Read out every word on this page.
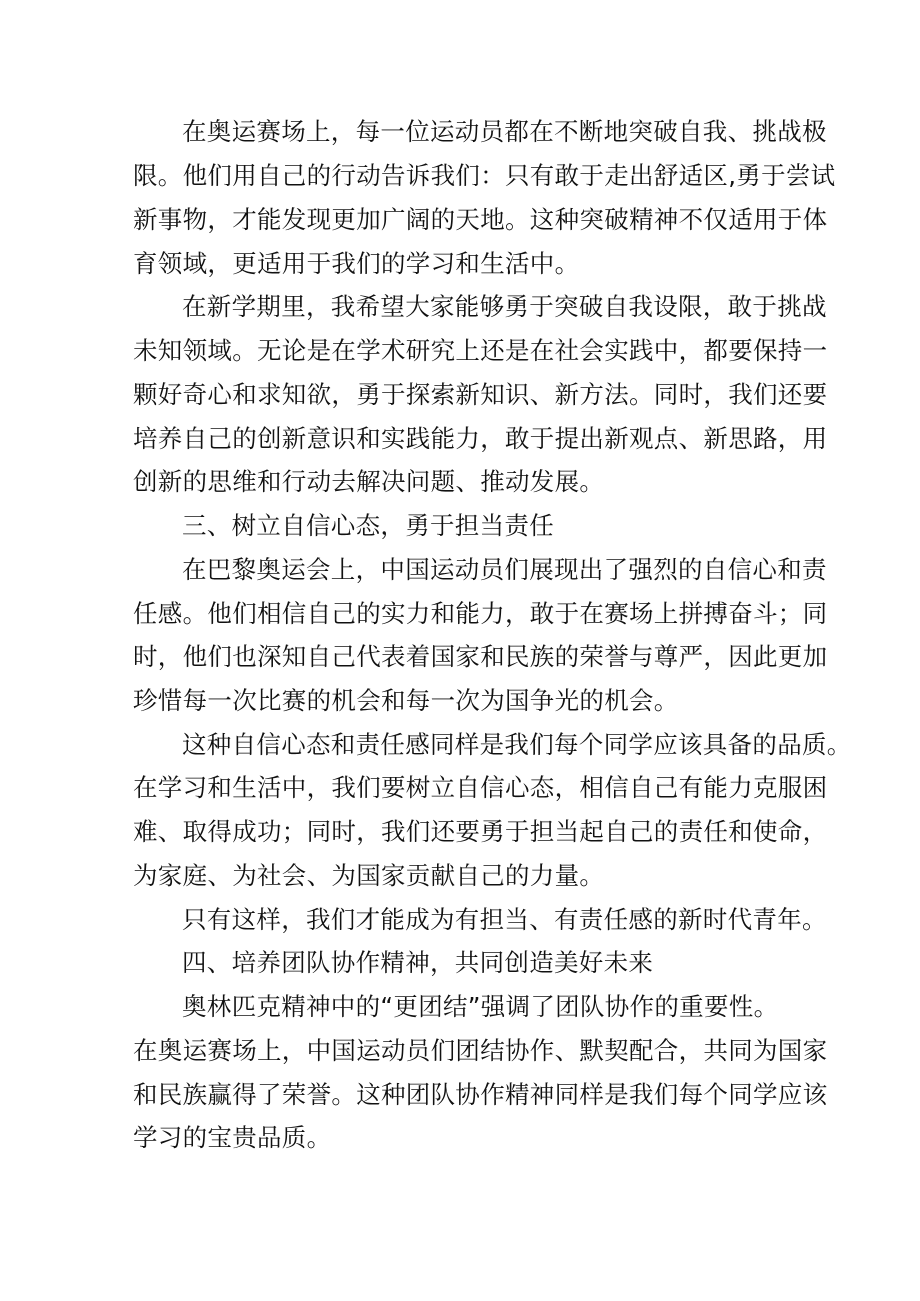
在奥运赛场上，每一位运动员都在不断地突破自我、挑战极

限。他们用自己的行动告诉我们：只有敢于走出舒适区,勇于尝试

新事物，才能发现更加广阔的天地。这种突破精神不仅适用于体

育领域，更适用于我们的学习和生活中。

在新学期里，我希望大家能够勇于突破自我设限，敢于挑战

未知领域。无论是在学术研究上还是在社会实践中，都要保持一

颗好奇心和求知欲，勇于探索新知识、新方法。同时，我们还要

培养自己的创新意识和实践能力，敢于提出新观点、新思路，用

创新的思维和行动去解决问题、推动发展。

三、树立自信心态，勇于担当责任

在巴黎奥运会上，中国运动员们展现出了强烈的自信心和责

任感。他们相信自己的实力和能力，敢于在赛场上拼搏奋斗；同

时，他们也深知自己代表着国家和民族的荣誉与尊严，因此更加

珍惜每一次比赛的机会和每一次为国争光的机会。

这种自信心态和责任感同样是我们每个同学应该具备的品质。

在学习和生活中，我们要树立自信心态，相信自己有能力克服困

难、取得成功；同时，我们还要勇于担当起自己的责任和使命，

为家庭、为社会、为国家贡献自己的力量。

只有这样，我们才能成为有担当、有责任感的新时代青年。

四、培养团队协作精神，共同创造美好未来

奥林匹克精神中的“更团结”强调了团队协作的重要性。

在奥运赛场上，中国运动员们团结协作、默契配合，共同为国家

和民族赢得了荣誉。这种团队协作精神同样是我们每个同学应该

学习的宝贵品质。
